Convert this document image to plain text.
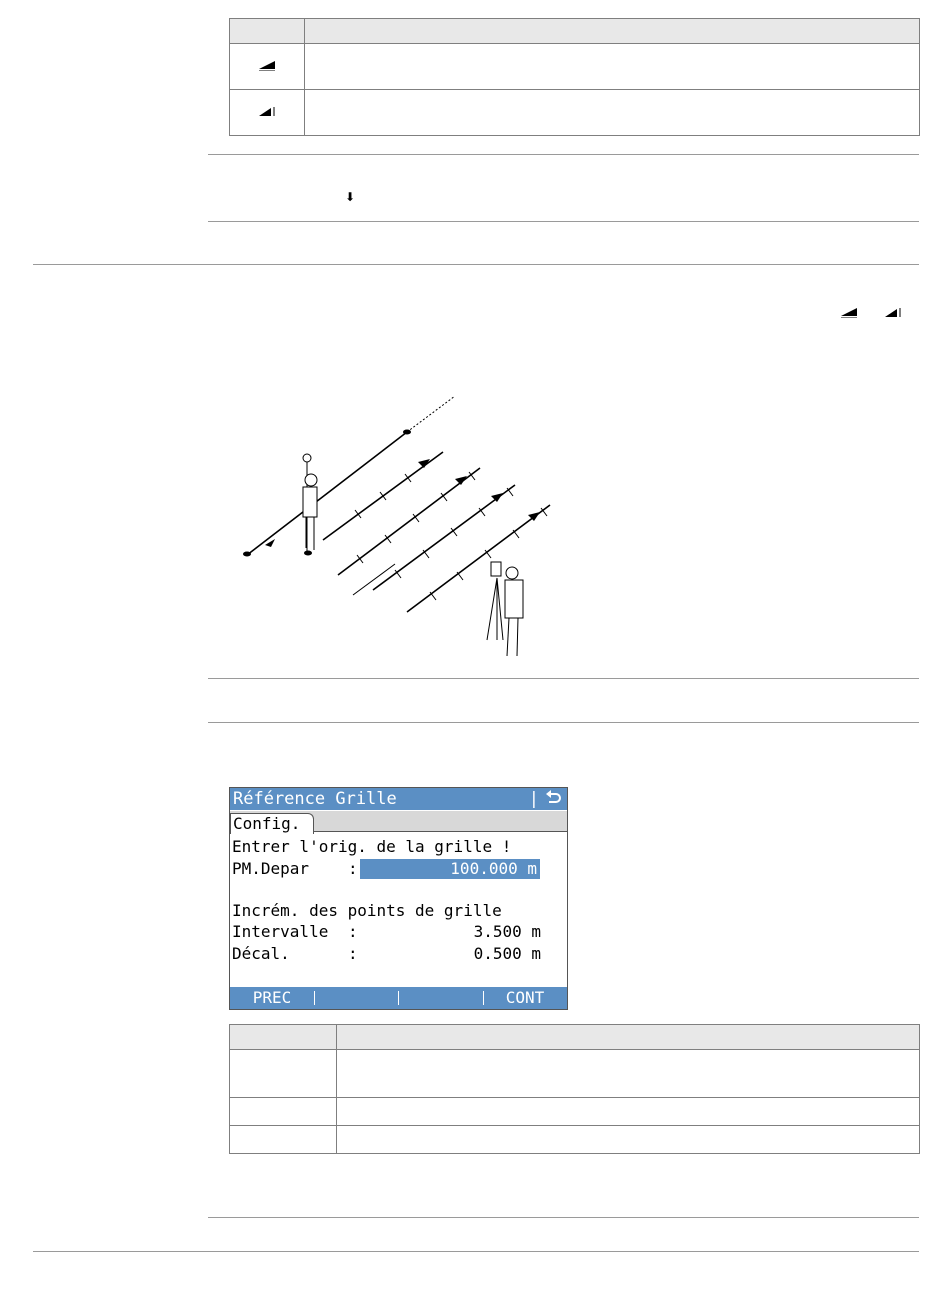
⬇
Référence Grille	|
Config.
Entrer l'orig. de la grille !
PM.Depar :	100.000 m
Incrém. des points de grille
Intervalle :	3.500 m
Décal.	:	0.500 m
PREC	CONT
